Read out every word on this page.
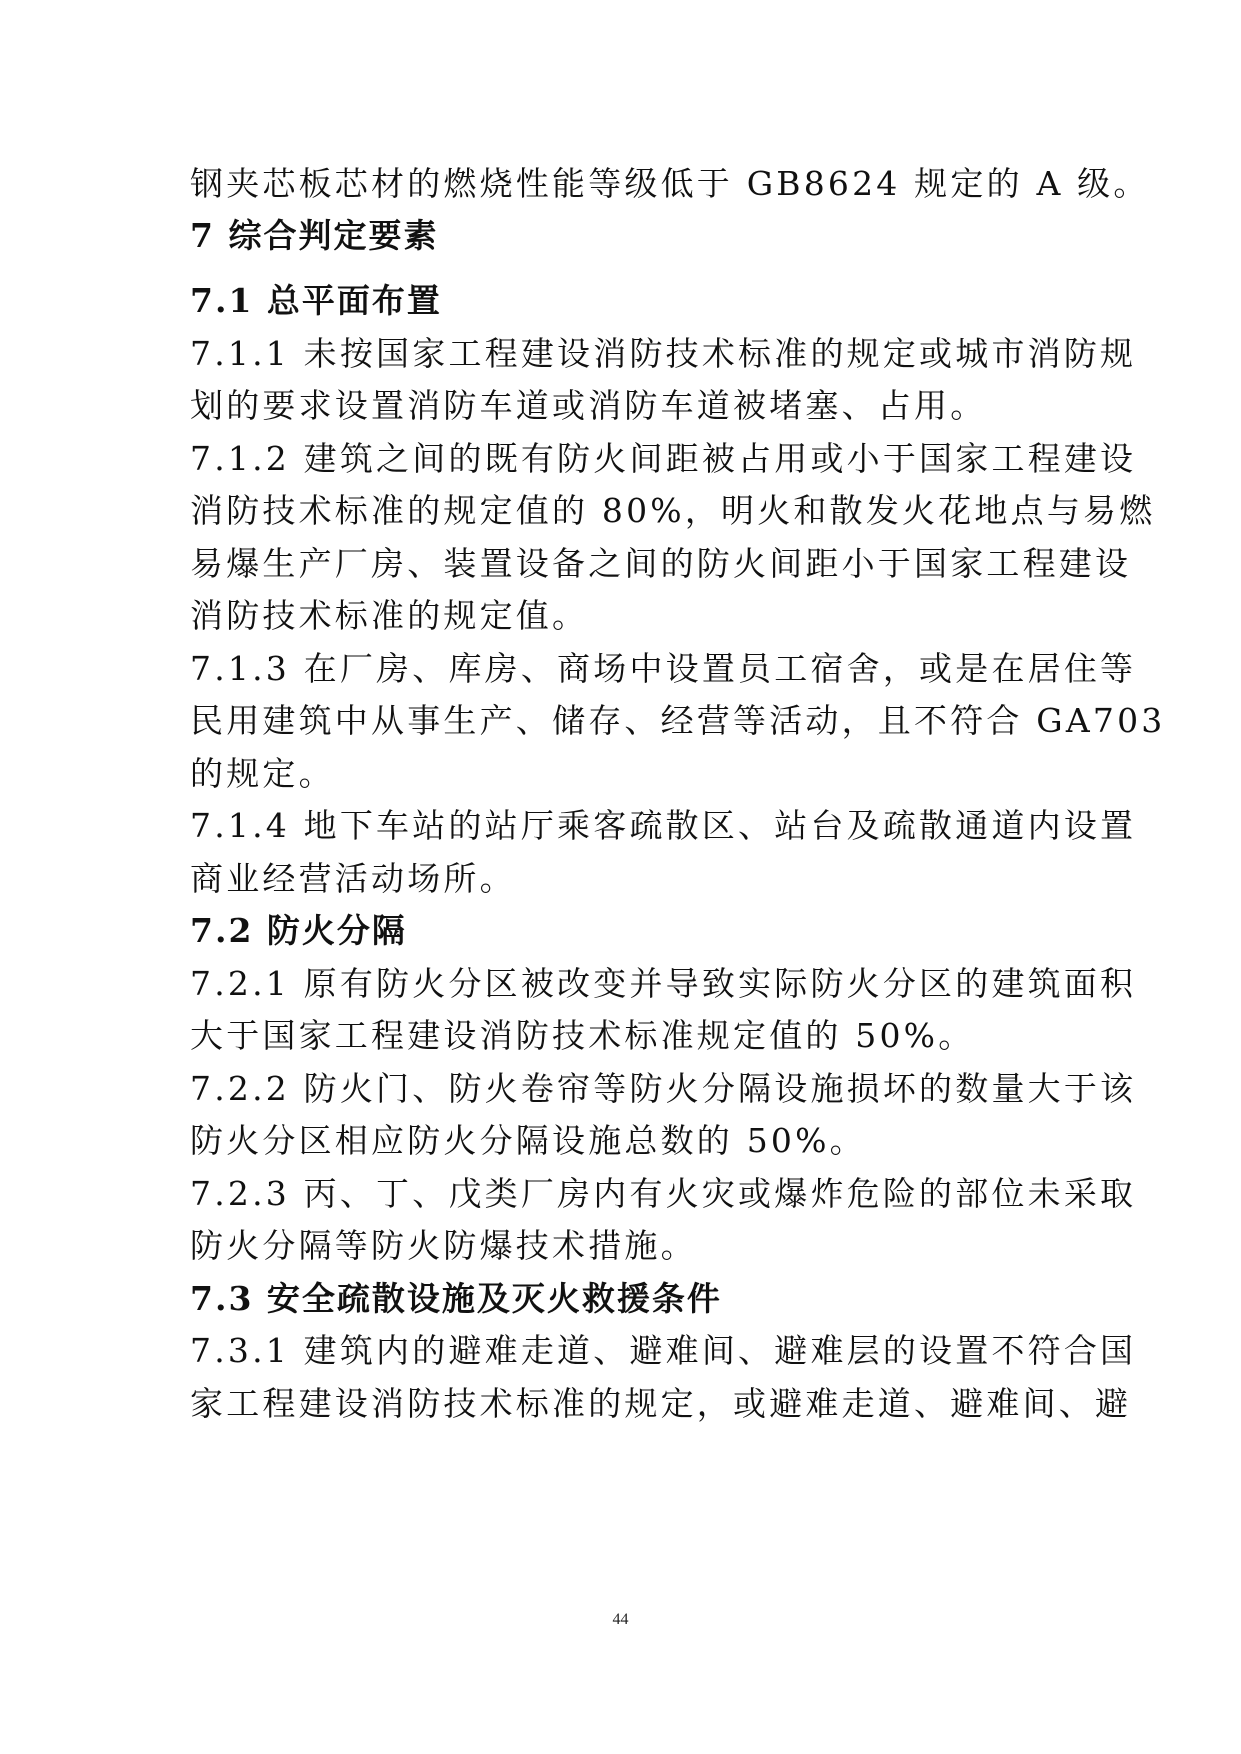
钢夹芯板芯材的燃烧性能等级低于 GB8624 规定的 A 级。
7 综合判定要素
7.1 总平面布置
7.1.1 未按国家工程建设消防技术标准的规定或城市消防规
划的要求设置消防车道或消防车道被堵塞、占用。
7.1.2 建筑之间的既有防火间距被占用或小于国家工程建设
消防技术标准的规定值的 80%，明火和散发火花地点与易燃
易爆生产厂房、装置设备之间的防火间距小于国家工程建设
消防技术标准的规定值。
7.1.3 在厂房、库房、商场中设置员工宿舍，或是在居住等
民用建筑中从事生产、储存、经营等活动，且不符合 GA703
的规定。
7.1.4 地下车站的站厅乘客疏散区、站台及疏散通道内设置
商业经营活动场所。
7.2 防火分隔
7.2.1 原有防火分区被改变并导致实际防火分区的建筑面积
大于国家工程建设消防技术标准规定值的 50%。
7.2.2 防火门、防火卷帘等防火分隔设施损坏的数量大于该
防火分区相应防火分隔设施总数的 50%。
7.2.3 丙、丁、戊类厂房内有火灾或爆炸危险的部位未采取
防火分隔等防火防爆技术措施。
7.3 安全疏散设施及灭火救援条件
7.3.1 建筑内的避难走道、避难间、避难层的设置不符合国
家工程建设消防技术标准的规定，或避难走道、避难间、避
44
